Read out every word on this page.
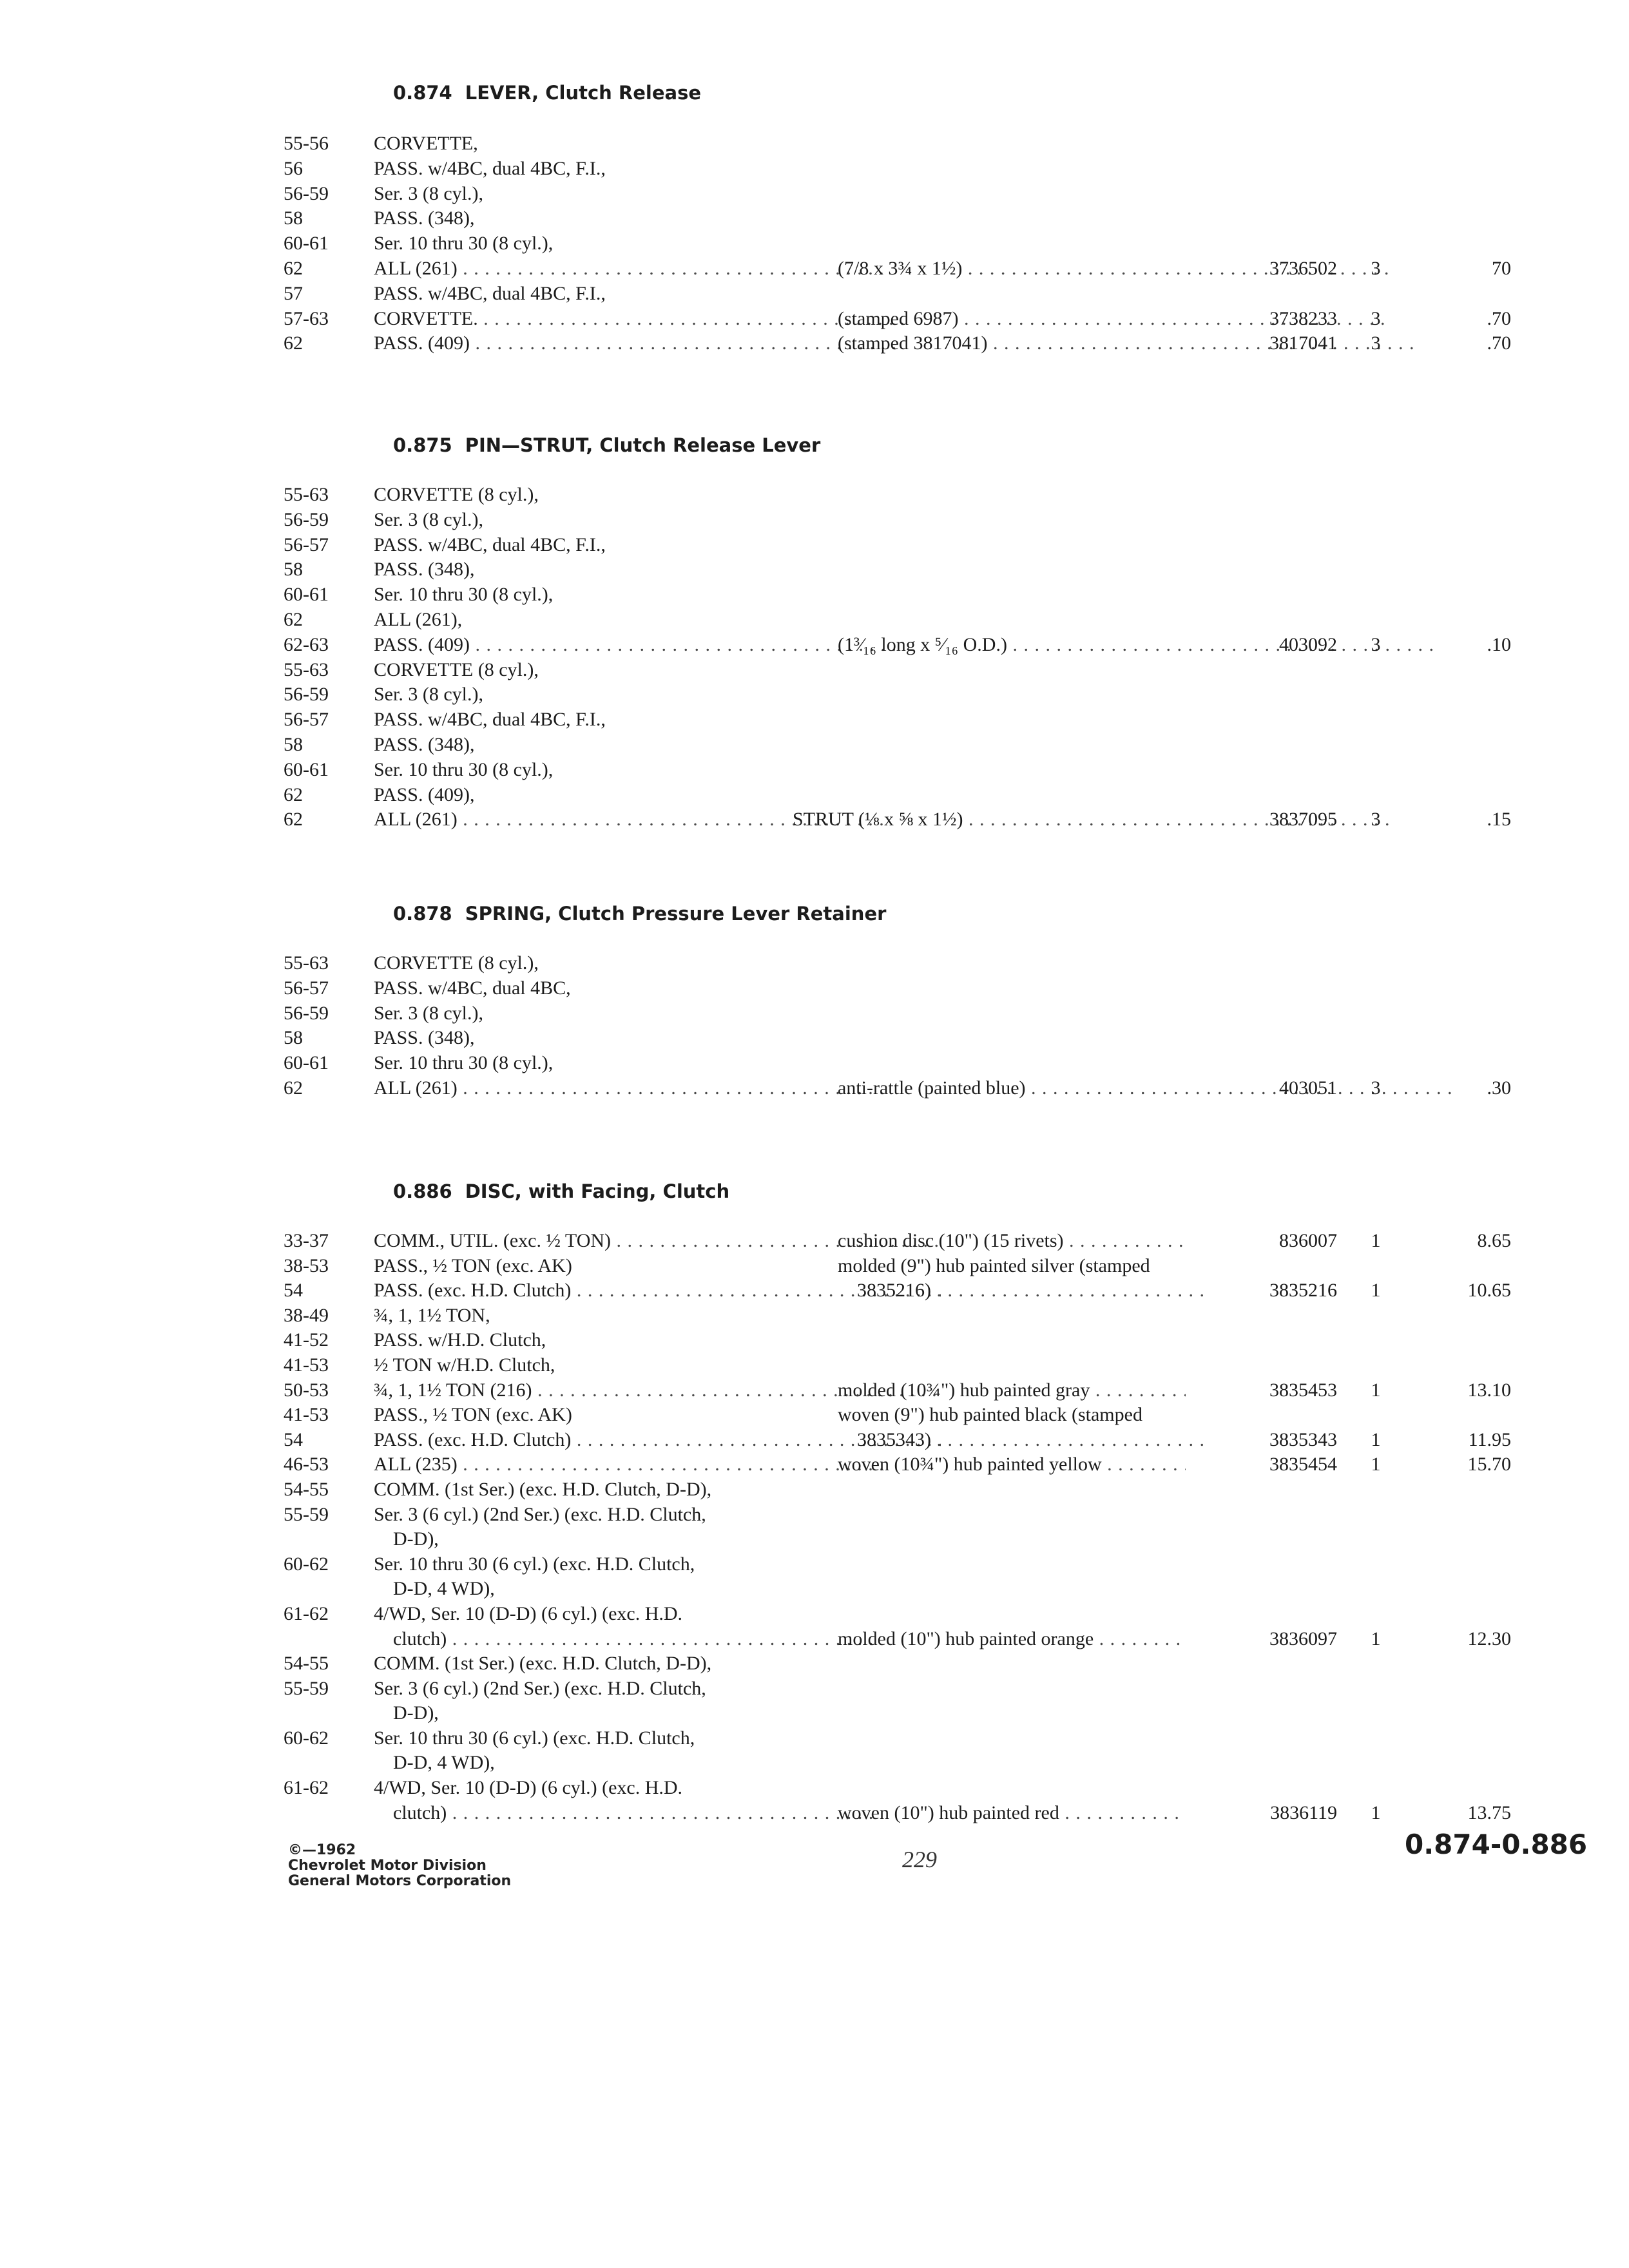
0.874 LEVER, Clutch Release
55-56	CORVETTE,
56	PASS. w/4BC, dual 4BC, F.I.,
56-59	Ser. 3 (8 cyl.),
58	PASS. (348),
60-61	Ser. 10 thru 30 (8 cyl.),
62	ALL (261) . . .	(7/8 x 3¾ x 1½) . . .	3736502	3	70
57	PASS. w/4BC, dual 4BC, F.I.,
57-63	CORVETTE. . . .	(stamped 6987) . . .	3738233	3	.70
62	PASS. (409) . . .	(stamped 3817041) . . .	3817041	3	.70
0.875 PIN—STRUT, Clutch Release Lever
55-63	CORVETTE (8 cyl.),
56-59	Ser. 3 (8 cyl.),
56-57	PASS. w/4BC, dual 4BC, F.I.,
58	PASS. (348),
60-61	Ser. 10 thru 30 (8 cyl.),
62	ALL (261),
62-63	PASS. (409) . . .	(1³⁄₁₆ long x ⁵⁄₁₆ O.D.) . . .	403092	3	.10
55-63	CORVETTE (8 cyl.),
56-59	Ser. 3 (8 cyl.),
56-57	PASS. w/4BC, dual 4BC, F.I.,
58	PASS. (348),
60-61	Ser. 10 thru 30 (8 cyl.),
62	PASS. (409),
62	ALL (261) . . .	STRUT (⅛ x ⅝ x 1½) . . .	3837095	3	.15
0.878 SPRING, Clutch Pressure Lever Retainer
55-63	CORVETTE (8 cyl.),
56-57	PASS. w/4BC, dual 4BC,
56-59	Ser. 3 (8 cyl.),
58	PASS. (348),
60-61	Ser. 10 thru 30 (8 cyl.),
62	ALL (261) . . .	anti-rattle (painted blue) . . .	403051	3	.30
0.886 DISC, with Facing, Clutch
33-37	COMM., UTIL. (exc. ½ TON) . . .	cushion disc (10") (15 rivets) . . .	836007	1	8.65
38-53	PASS., ½ TON (exc. AK)	molded (9") hub painted silver (stamped
54	PASS. (exc. H.D. Clutch) . . .	3835216) . . .	3835216	1	10.65
38-49	¾, 1, 1½ TON,
41-52	PASS. w/H.D. Clutch,
41-53	½ TON w/H.D. Clutch,
50-53	¾, 1, 1½ TON (216) . . .	molded (10¾") hub painted gray . . .	3835453	1	13.10
41-53	PASS., ½ TON (exc. AK)	woven (9") hub painted black (stamped
54	PASS. (exc. H.D. Clutch) . . .	3835343) . . .	3835343	1	11.95
46-53	ALL (235) . . .	woven (10¾") hub painted yellow . . .	3835454	1	15.70
54-55	COMM. (1st Ser.) (exc. H.D. Clutch, D-D),
55-59	Ser. 3 (6 cyl.) (2nd Ser.) (exc. H.D. Clutch,
D-D),
60-62	Ser. 10 thru 30 (6 cyl.) (exc. H.D. Clutch,
D-D, 4 WD),
61-62	4/WD, Ser. 10 (D-D) (6 cyl.) (exc. H.D.
clutch) . . .	molded (10") hub painted orange . . .	3836097	1	12.30
54-55	COMM. (1st Ser.) (exc. H.D. Clutch, D-D),
55-59	Ser. 3 (6 cyl.) (2nd Ser.) (exc. H.D. Clutch,
D-D),
60-62	Ser. 10 thru 30 (6 cyl.) (exc. H.D. Clutch,
D-D, 4 WD),
61-62	4/WD, Ser. 10 (D-D) (6 cyl.) (exc. H.D.
clutch) . . .	woven (10") hub painted red . . .	3836119	1	13.75
©—1962
Chevrolet Motor Division
General Motors Corporation
229	0.874-0.886
